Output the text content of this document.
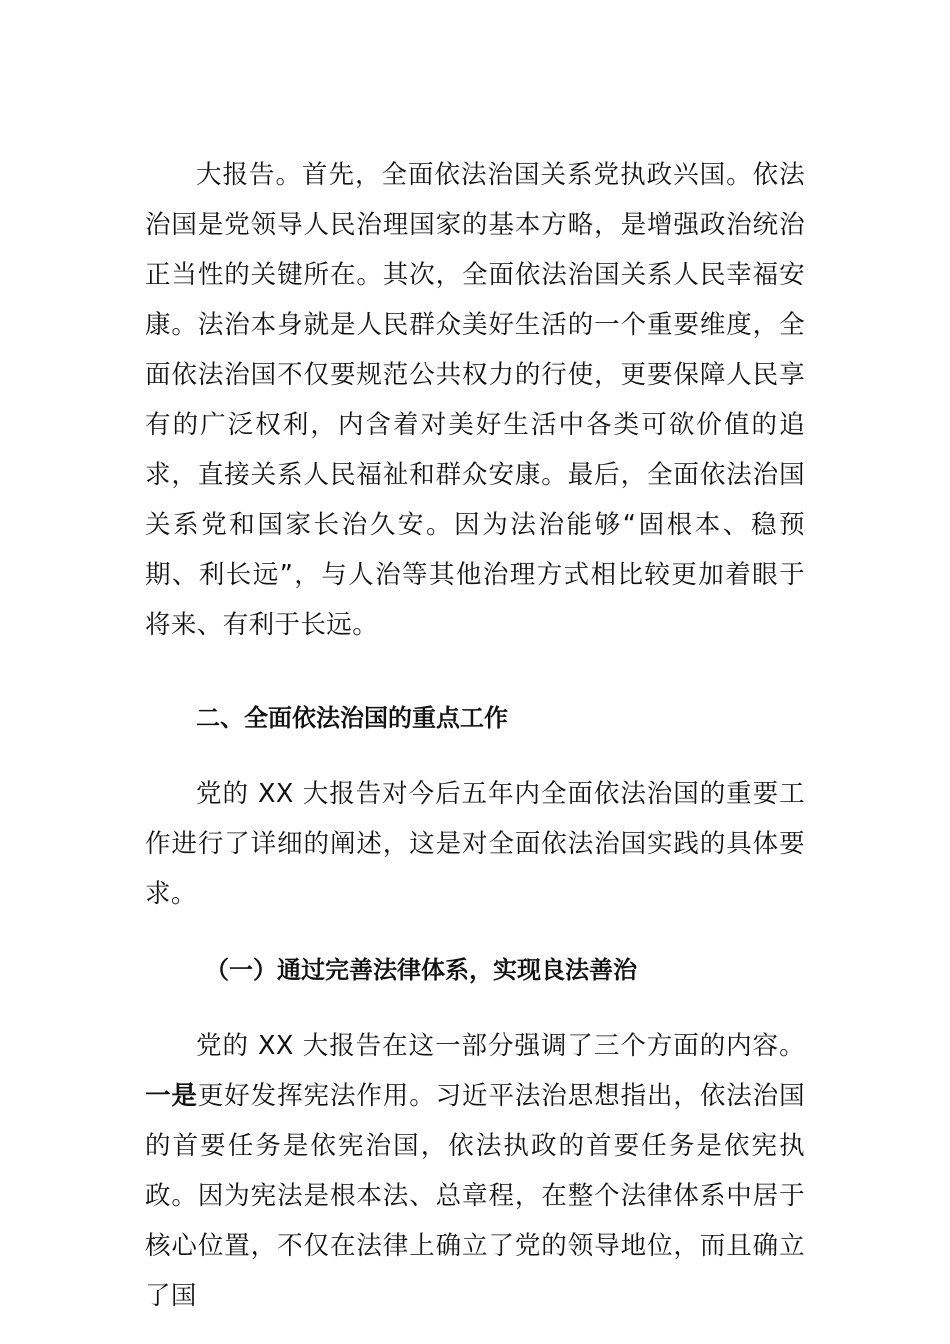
大报告。首先，全面依法治国关系党执政兴国。依法治国是党领导人民治理国家的基本方略，是增强政治统治正当性的关键所在。其次，全面依法治国关系人民幸福安康。法治本身就是人民群众美好生活的一个重要维度，全面依法治国不仅要规范公共权力的行使，更要保障人民享有的广泛权利，内含着对美好生活中各类可欲价值的追求，直接关系人民福祉和群众安康。最后，全面依法治国关系党和国家长治久安。因为法治能够“固根本、稳预期、利长远”，与人治等其他治理方式相比较更加着眼于将来、有利于长远。

二、全面依法治国的重点工作

党的 XX 大报告对今后五年内全面依法治国的重要工作进行了详细的阐述，这是对全面依法治国实践的具体要求。

（一）通过完善法律体系，实现良法善治

党的 XX 大报告在这一部分强调了三个方面的内容。一是更好发挥宪法作用。习近平法治思想指出，依法治国的首要任务是依宪治国，依法执政的首要任务是依宪执政。因为宪法是根本法、总章程，在整个法律体系中居于核心位置，不仅在法律上确立了党的领导地位，而且确立了国
